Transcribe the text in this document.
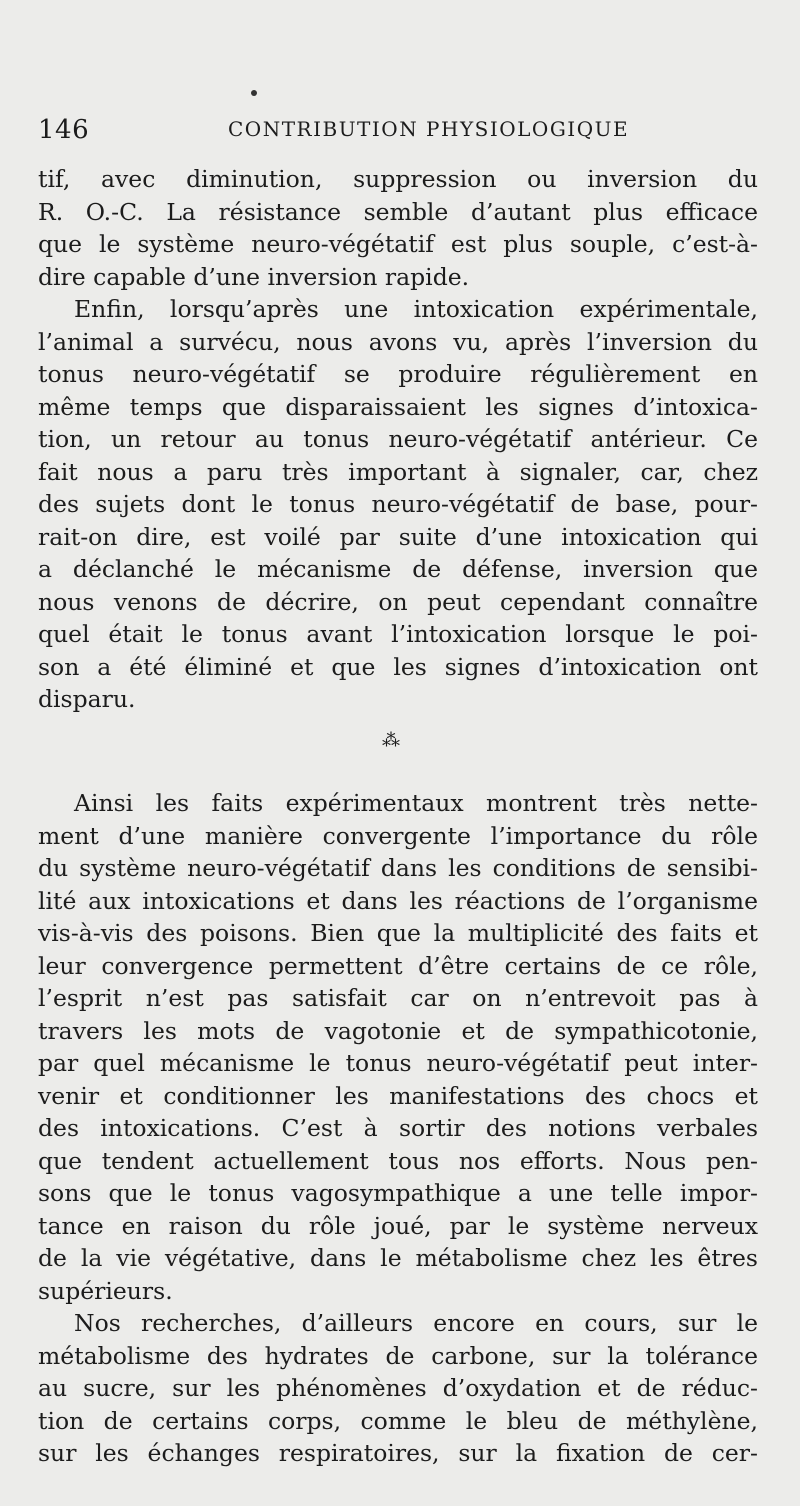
146	CONTRIBUTION PHYSIOLOGIQUE
tif, avec diminution, suppression ou inversion du
R. O.-C. La résistance semble d’autant plus efficace
que le système neuro-végétatif est plus souple, c’est-à-
dire capable d’une inversion rapide.
Enfin, lorsqu’après une intoxication expérimentale,
l’animal a survécu, nous avons vu, après l’inversion du
tonus neuro-végétatif se produire régulièrement en
même temps que disparaissaient les signes d’intoxica-
tion, un retour au tonus neuro-végétatif antérieur. Ce
fait nous a paru très important à signaler, car, chez
des sujets dont le tonus neuro-végétatif de base, pour-
rait-on dire, est voilé par suite d’une intoxication qui
a déclanché le mécanisme de défense, inversion que
nous venons de décrire, on peut cependant connaître
quel était le tonus avant l’intoxication lorsque le poi-
son a été éliminé et que les signes d’intoxication ont
disparu.
⁂
Ainsi les faits expérimentaux montrent très nette-
ment d’une manière convergente l’importance du rôle
du système neuro-végétatif dans les conditions de sensibi-
lité aux intoxications et dans les réactions de l’organisme
vis-à-vis des poisons. Bien que la multiplicité des faits et
leur convergence permettent d’être certains de ce rôle,
l’esprit n’est pas satisfait car on n’entrevoit pas à
travers les mots de vagotonie et de sympathicotonie,
par quel mécanisme le tonus neuro-végétatif peut inter-
venir et conditionner les manifestations des chocs et
des intoxications. C’est à sortir des notions verbales
que tendent actuellement tous nos efforts. Nous pen-
sons que le tonus vagosympathique a une telle impor-
tance en raison du rôle joué, par le système nerveux
de la vie végétative, dans le métabolisme chez les êtres
supérieurs.
Nos recherches, d’ailleurs encore en cours, sur le
métabolisme des hydrates de carbone, sur la tolérance
au sucre, sur les phénomènes d’oxydation et de réduc-
tion de certains corps, comme le bleu de méthylène,
sur les échanges respiratoires, sur la fixation de cer-
